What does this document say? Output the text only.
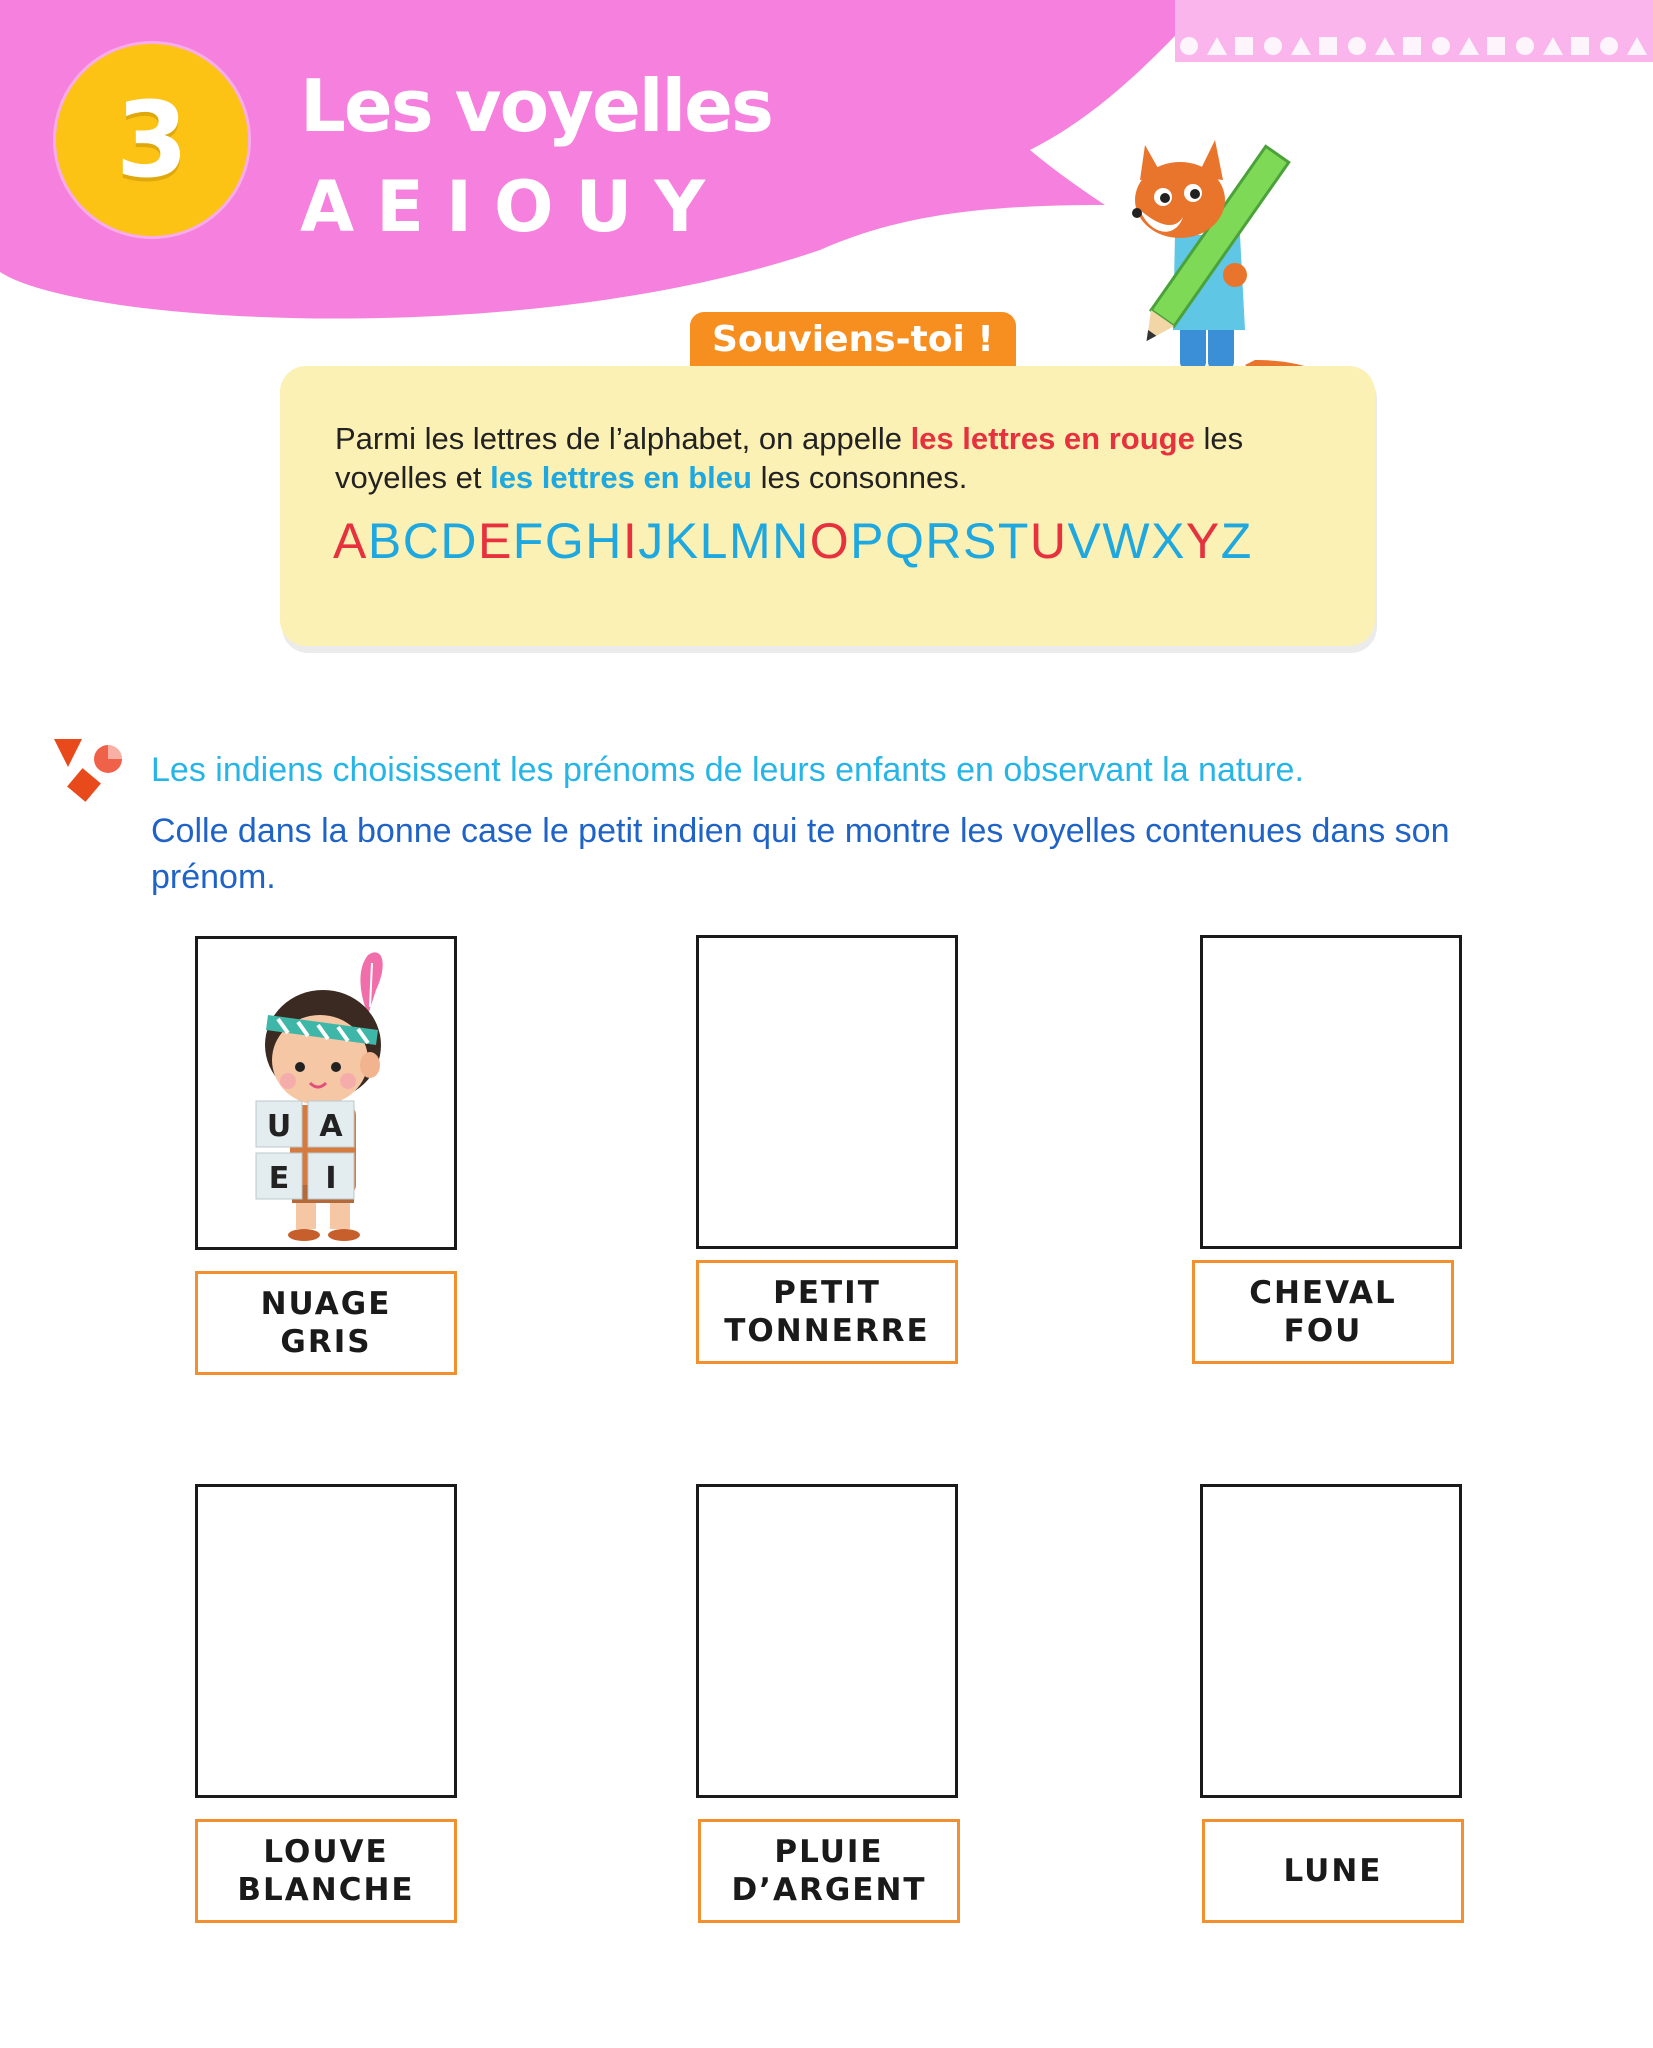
3	Les voyelles
AEIOUY
Souviens-toi !
Parmi les lettres de l’alphabet, on appelle les lettres en rouge les voyelles et les lettres en bleu les consonnes.
ABCDEFGHIJKLMNOPQRSTUVWXYZ
Les indiens choisissent les prénoms de leurs enfants en observant la nature.
Colle dans la bonne case le petit indien qui te montre les voyelles contenues dans son prénom.
U A
E I
NUAGE
GRIS
PETIT
TONNERRE
CHEVAL
FOU
LOUVE
BLANCHE
PLUIE
D’ARGENT
LUNE
